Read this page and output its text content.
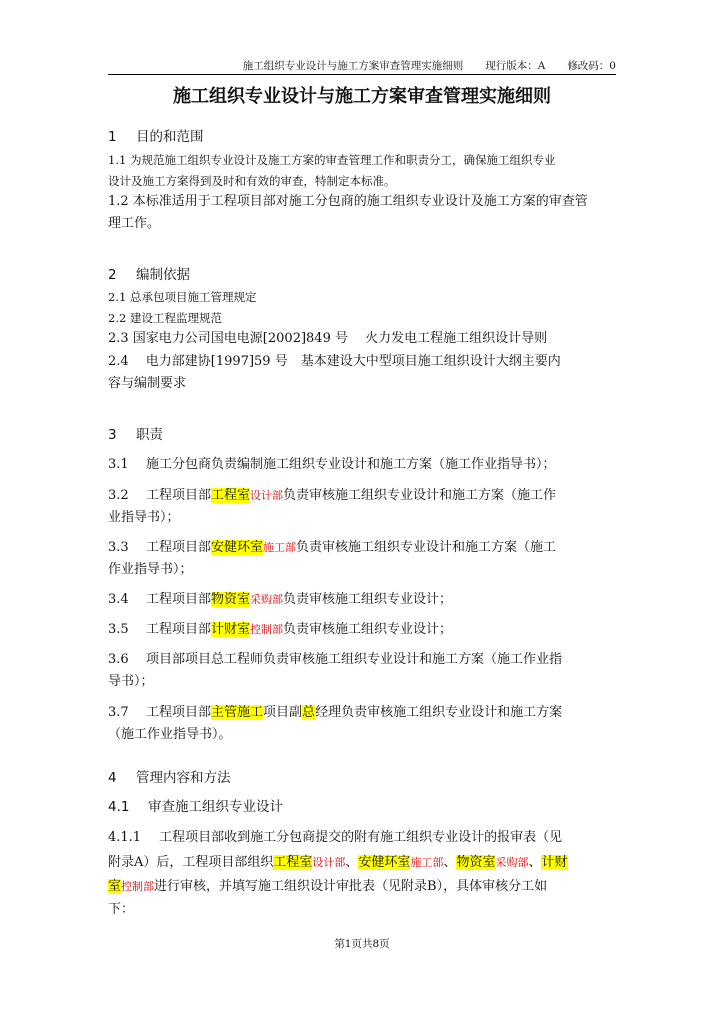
施工组织专业设计与施工方案审查管理实施细则 现行版本：A 修改码：0
施工组织专业设计与施工方案审查管理实施细则
1 目的和范围
1.1 为规范施工组织专业设计及施工方案的审查管理工作和职责分工，确保施工组织专业
设计及施工方案得到及时和有效的审查，特制定本标准。
1.2 本标准适用于工程项目部对施工分包商的施工组织专业设计及施工方案的审查管
理工作。
2 编制依据
2.1 总承包项目施工管理规定
2.2 建设工程监理规范
2.3 国家电力公司国电电源[2002]849 号　 火力发电工程施工组织设计导则
2.4　 电力部建协[1997]59 号　基本建设大中型项目施工组织设计大纲主要内
容与编制要求
3 职责
3.1 施工分包商负责编制施工组织专业设计和施工方案（施工作业指导书）；
3.2 工程项目部工程室设计部负责审核施工组织专业设计和施工方案（施工作
业指导书）；
3.3 工程项目部安健环室施工部负责审核施工组织专业设计和施工方案（施工
作业指导书）；
3.4 工程项目部物资室采购部负责审核施工组织专业设计；
3.5 工程项目部计财室控制部负责审核施工组织专业设计；
3.6 项目部项目总工程师负责审核施工组织专业设计和施工方案（施工作业指
导书）；
3.7 工程项目部主管施工项目副总经理负责审核施工组织专业设计和施工方案
（施工作业指导书）。
4 管理内容和方法
4.1 审查施工组织专业设计
4.1.1 工程项目部收到施工分包商提交的附有施工组织专业设计的报审表（见
附录A）后，工程项目部组织工程室设计部、安健环室施工部、物资室采购部、计财
室控制部进行审核，并填写施工组织设计审批表（见附录B），具体审核分工如
下：
第1页共8页
